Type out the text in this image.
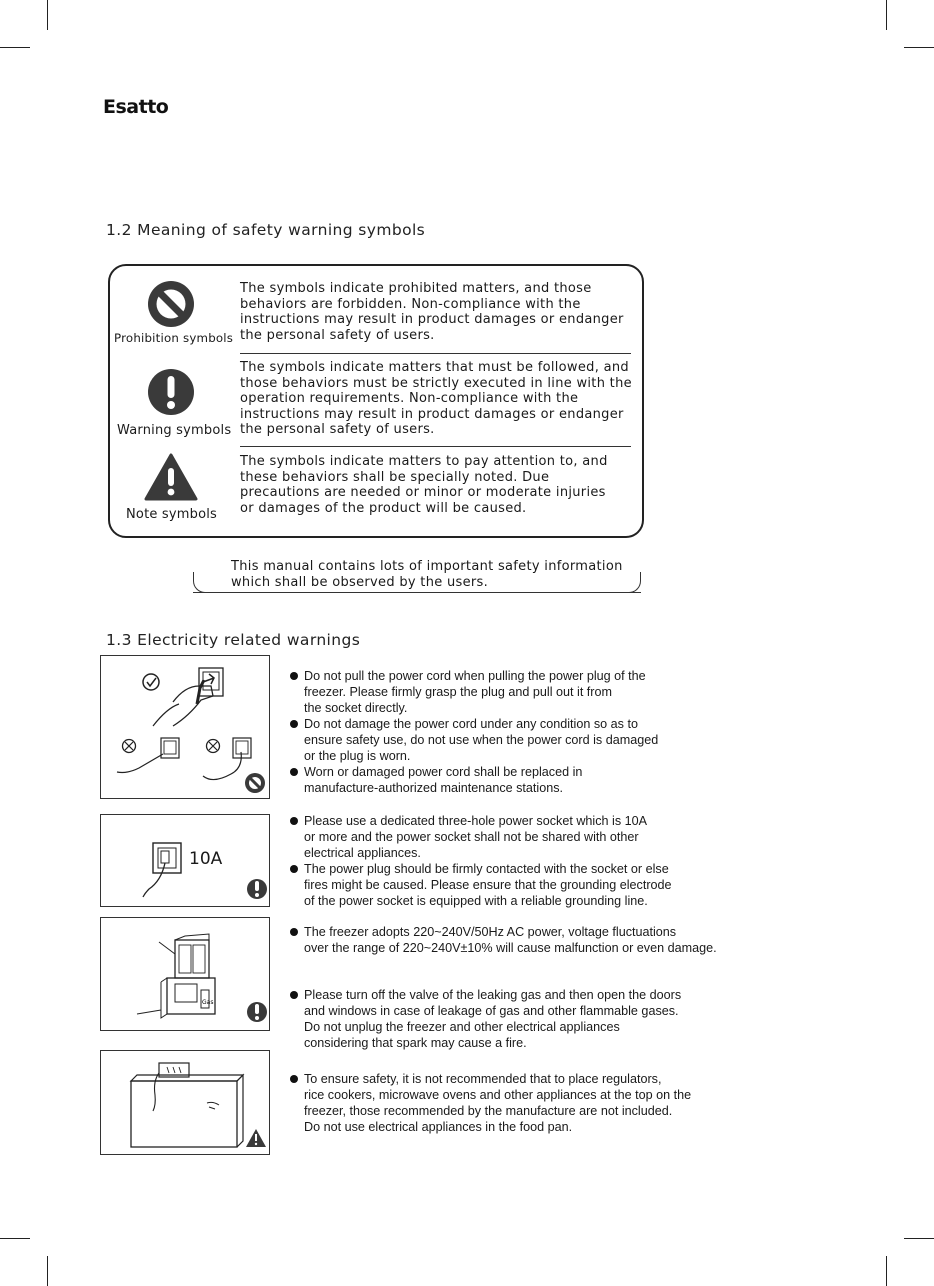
Esatto
1.2 Meaning of safety warning symbols
Prohibition symbols
The symbols indicate prohibited matters, and those
behaviors are forbidden. Non-compliance with the
instructions may result in product damages or endanger
the personal safety of users.
Warning symbols
The symbols indicate matters that must be followed, and
those behaviors must be strictly executed in line with the
operation requirements. Non-compliance with the
instructions may result in product damages or endanger
the personal safety of users.
Note symbols
The symbols indicate matters to pay attention to, and
these behaviors shall be specially noted. Due
precautions are needed or minor or moderate injuries
or damages of the product will be caused.
This manual contains lots of important safety information
which shall be observed by the users.
1.3 Electricity related warnings
Do not pull the power cord when pulling the power plug of the
freezer. Please firmly grasp the plug and pull out it from
the socket directly.
Do not damage the power cord under any condition so as to
ensure safety use, do not use when the power cord is damaged
or the plug is worn.
Worn or damaged power cord shall be replaced in
manufacture-authorized maintenance stations.
10A
Please use a dedicated three-hole power socket which is 10A
or more and the power socket shall not be shared with other
electrical appliances.
The power plug should be firmly contacted with the socket or else
fires might be caused. Please ensure that the grounding electrode
of the power socket is equipped with a reliable grounding line.
Gas
The freezer adopts 220~240V/50Hz AC power, voltage fluctuations
over the range of 220~240V±10% will cause malfunction or even damage.
Please turn off the valve of the leaking gas and then open the doors
and windows in case of leakage of gas and other flammable gases.
Do not unplug the freezer and other electrical appliances
considering that spark may cause a fire.
To ensure safety, it is not recommended that to place regulators,
rice cookers, microwave ovens and other appliances at the top on the
freezer, those recommended by the manufacture are not included.
Do not use electrical appliances in the food pan.
